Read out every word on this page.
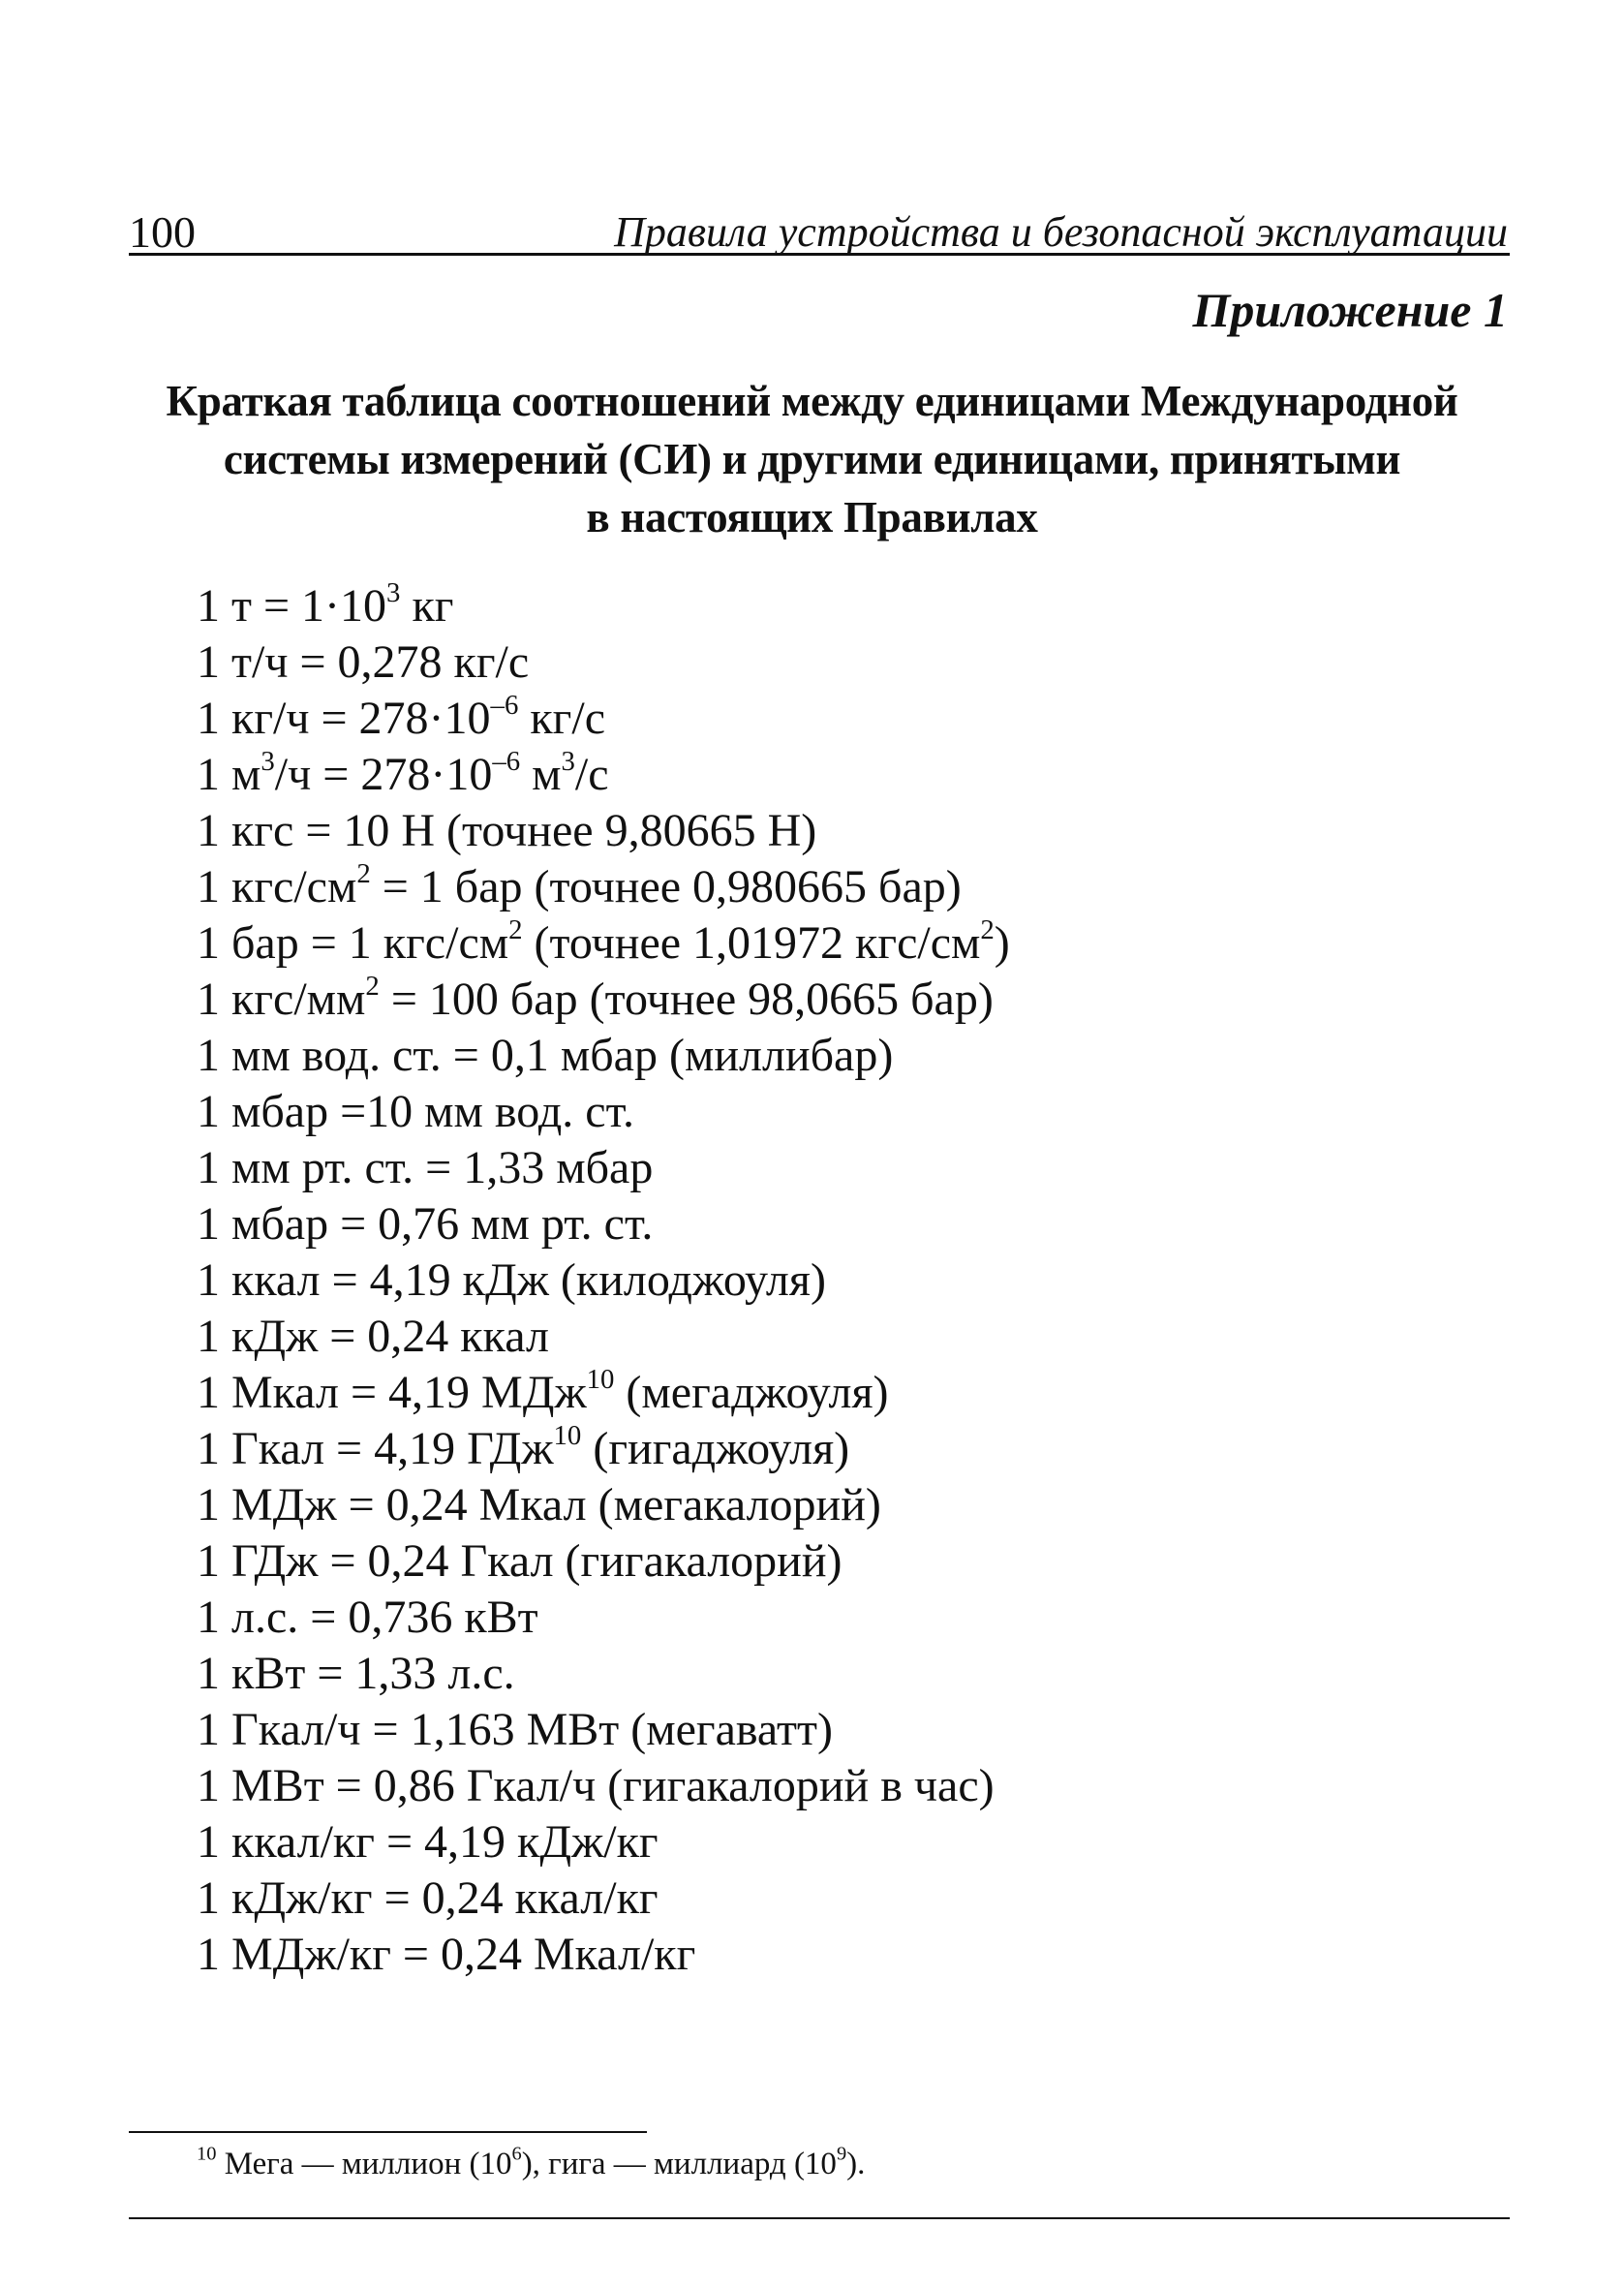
100	Правила устройства и безопасной эксплуатации
Приложение 1
Краткая таблица соотношений между единицами Международной
системы измерений (СИ) и другими единицами, принятыми
в настоящих Правилах
1 $т = 1\cdot 10^3$ кг
1 т/ч = 0,278 кг/с
1 $кг/ч = 278\cdot 10^{-6}$ кг/с
1 $м^3/ч = 278\cdot 10^{-6}$ $м^3/с$
1 кгс = 10 Н (точнее 9,80665 Н)
1 кгс/$см^2 = 1$ бар (точнее 0,980665 бар)
1 бар = 1 кгс/$см^2$ (точнее 1,01972 кгс/$см^2$)
1 кгс/$мм^2 = 100$ бар (точнее 98,0665 бар)
1 мм вод. ст. = 0,1 мбар (миллибар)
1 мбар =10 мм вод. ст.
1 мм рт. ст. = 1,33 мбар
1 мбар = 0,76 мм рт. ст.
1 ккал = 4,19 кДж (килоджоуля)
1 кДж = 0,24 ккал
1 Мкал = 4,19 МДж$^{10}$ (мегаджоуля)
1 Гкал = 4,19 ГДж$^{10}$ (гигаджоуля)
1 МДж = 0,24 Мкал (мегакалорий)
1 ГДж = 0,24 Гкал (гигакалорий)
1 л.с. = 0,736 кВт
1 кВт = 1,33 л.с.
1 Гкал/ч = 1,163 МВт (мегаватт)
1 МВт = 0,86 Гкал/ч (гигакалорий в час)
1 ккал/кг = 4,19 кДж/кг
1 кДж/кг = 0,24 ккал/кг
1 МДж/кг = 0,24 Мкал/кг
$^{10}$ Мега — миллион $(10^6)$, гига — миллиард $(10^9)$.
